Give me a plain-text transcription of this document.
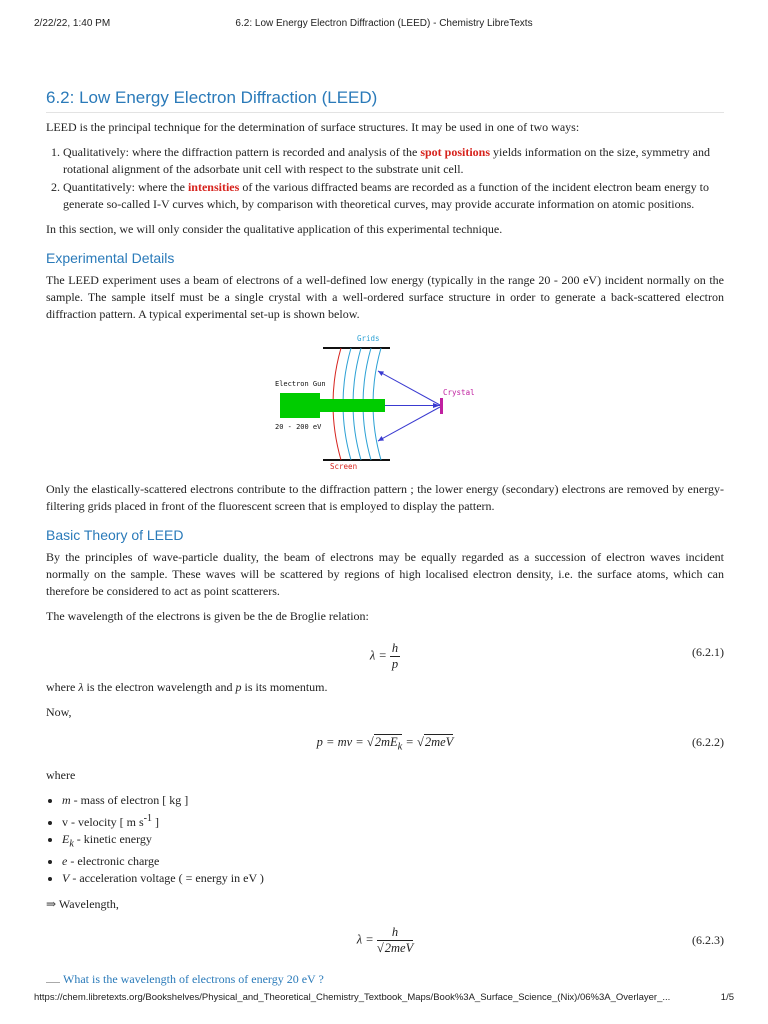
2/22/22, 1:40 PM	6.2: Low Energy Electron Diffraction (LEED) - Chemistry LibreTexts
6.2: Low Energy Electron Diffraction (LEED)

LEED is the principal technique for the determination of surface structures. It may be used in one of two ways:

1. Qualitatively: where the diffraction pattern is recorded and analysis of the spot positions yields information on the size, symmetry and rotational alignment of the adsorbate unit cell with respect to the substrate unit cell.
2. Quantitatively: where the intensities of the various diffracted beams are recorded as a function of the incident electron beam energy to generate so-called I-V curves which, by comparison with theoretical curves, may provide accurate information on atomic positions.

In this section, we will only consider the qualitative application of this experimental technique.

Experimental Details

The LEED experiment uses a beam of electrons of a well-defined low energy (typically in the range 20 - 200 eV) incident normally on the sample. The sample itself must be a single crystal with a well-ordered surface structure in order to generate a back-scattered electron diffraction pattern. A typical experimental set-up is shown below.

Grids
Electron Gun
20 - 200 eV
Crystal
Screen

Only the elastically-scattered electrons contribute to the diffraction pattern ; the lower energy (secondary) electrons are removed by energy-filtering grids placed in front of the fluorescent screen that is employed to display the pattern.

Basic Theory of LEED

By the principles of wave-particle duality, the beam of electrons may be equally regarded as a succession of electron waves incident normally on the sample. These waves will be scattered by regions of high localised electron density, i.e. the surface atoms, which can therefore be considered to act as point scatterers.

The wavelength of the electrons is given be the de Broglie relation:

$\lambda = \frac{h}{p}$	(6.2.1)

where λ is the electron wavelength and p is its momentum.

Now,

p = mv = $√2mE_k = √2meV$	(6.2.2)

where

• m - mass of electron [ kg ]
• v - velocity [ m $s^{-1}$ ]
• $E_k$ - kinetic energy
• e - electronic charge
• V - acceleration voltage ( = energy in eV )

⇒ Wavelength,

$\lambda = \frac{h}{\text{√2meV}}$	(6.2.3)

What is the wavelength of electrons of energy 20 eV ?

https://chem.libretexts.org/Bookshelves/Physical_and_Theoretical_Chemistry_Textbook_Maps/Book%3A_Surface_Science_(Nix)/06%3A_Overlayer_...	1/5
